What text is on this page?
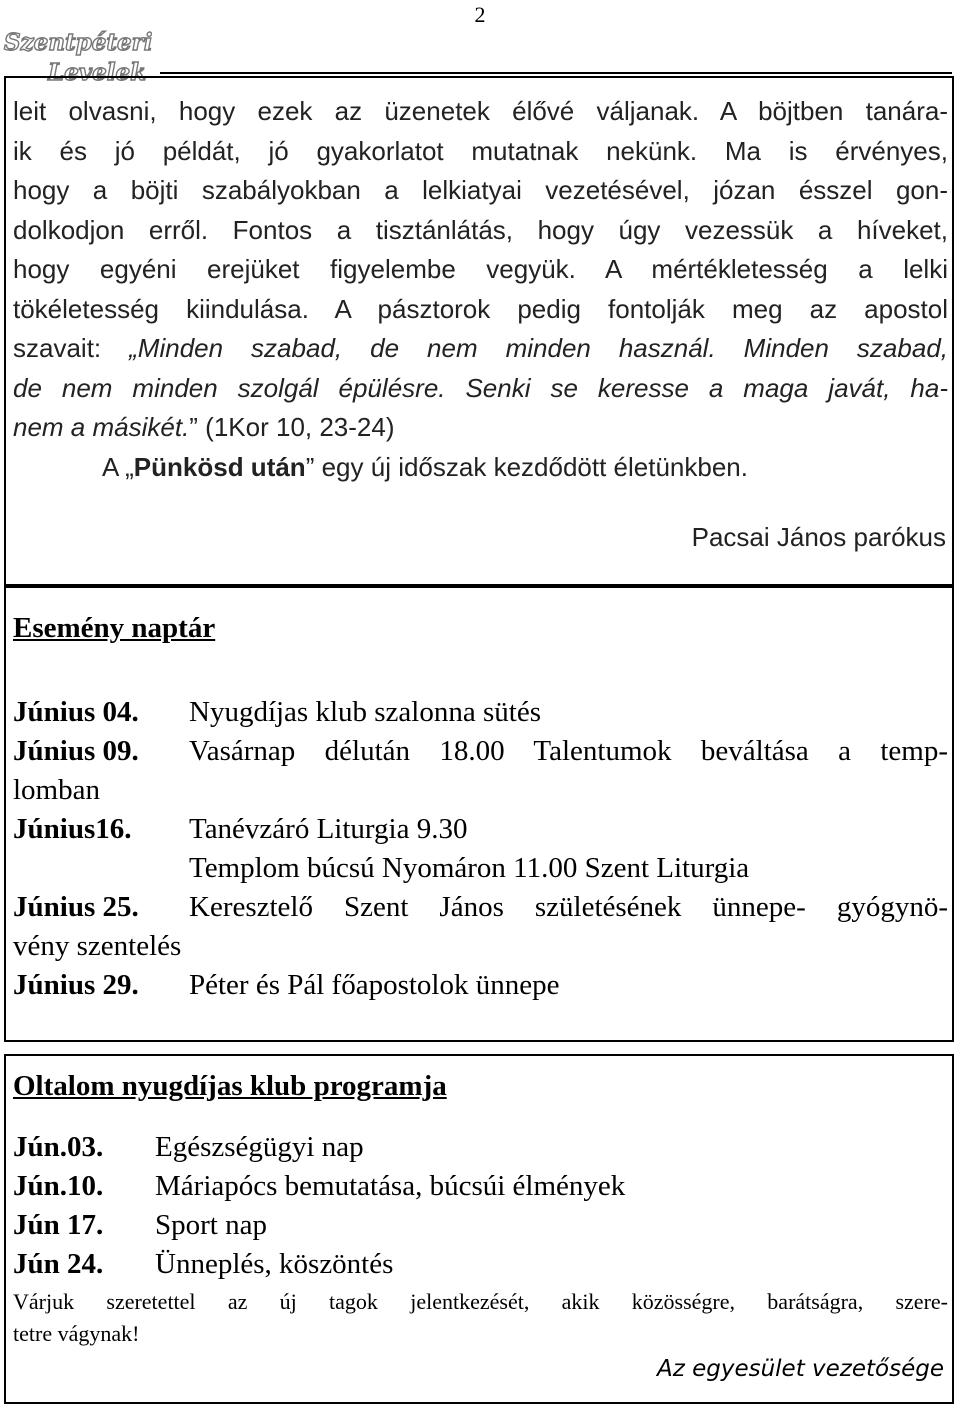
2
Szentpéteri
Levelek
leit olvasni, hogy ezek az üzenetek élővé váljanak. A böjtben tanára-
ik és jó példát, jó gyakorlatot mutatnak nekünk. Ma is érvényes,
hogy a böjti szabályokban a lelkiatyai vezetésével, józan ésszel gon-
dolkodjon erről. Fontos a tisztánlátás, hogy úgy vezessük a híveket,
hogy egyéni erejüket figyelembe vegyük. A mértékletesség a lelki
tökéletesség kiindulása. A pásztorok pedig fontolják meg az apostol
szavait: „Minden szabad, de nem minden használ. Minden szabad,
de nem minden szolgál épülésre. Senki se keresse a maga javát, ha-
nem a másikét.” (1Kor 10, 23-24)
A „Pünkösd után” egy új időszak kezdődött életünkben.
Pacsai János parókus
Esemény naptár
Június 04. Nyugdíjas klub szalonna sütés
Június 09. Vasárnap délután 18.00 Talentumok beváltása a temp-
lomban
Június16. Tanévzáró Liturgia 9.30
Templom búcsú Nyomáron 11.00 Szent Liturgia
Június 25. Keresztelő Szent János születésének ünnepe- gyógynö-
vény szentelés
Június 29. Péter és Pál főapostolok ünnepe
Oltalom nyugdíjas klub programja
Jún.03. Egészségügyi nap
Jún.10. Máriapócs bemutatása, búcsúi élmények
Jún 17. Sport nap
Jún 24. Ünneplés, köszöntés
Várjuk szeretettel az új tagok jelentkezését, akik közösségre, barátságra, szere-
tetre vágynak!
Az egyesület vezetősége
